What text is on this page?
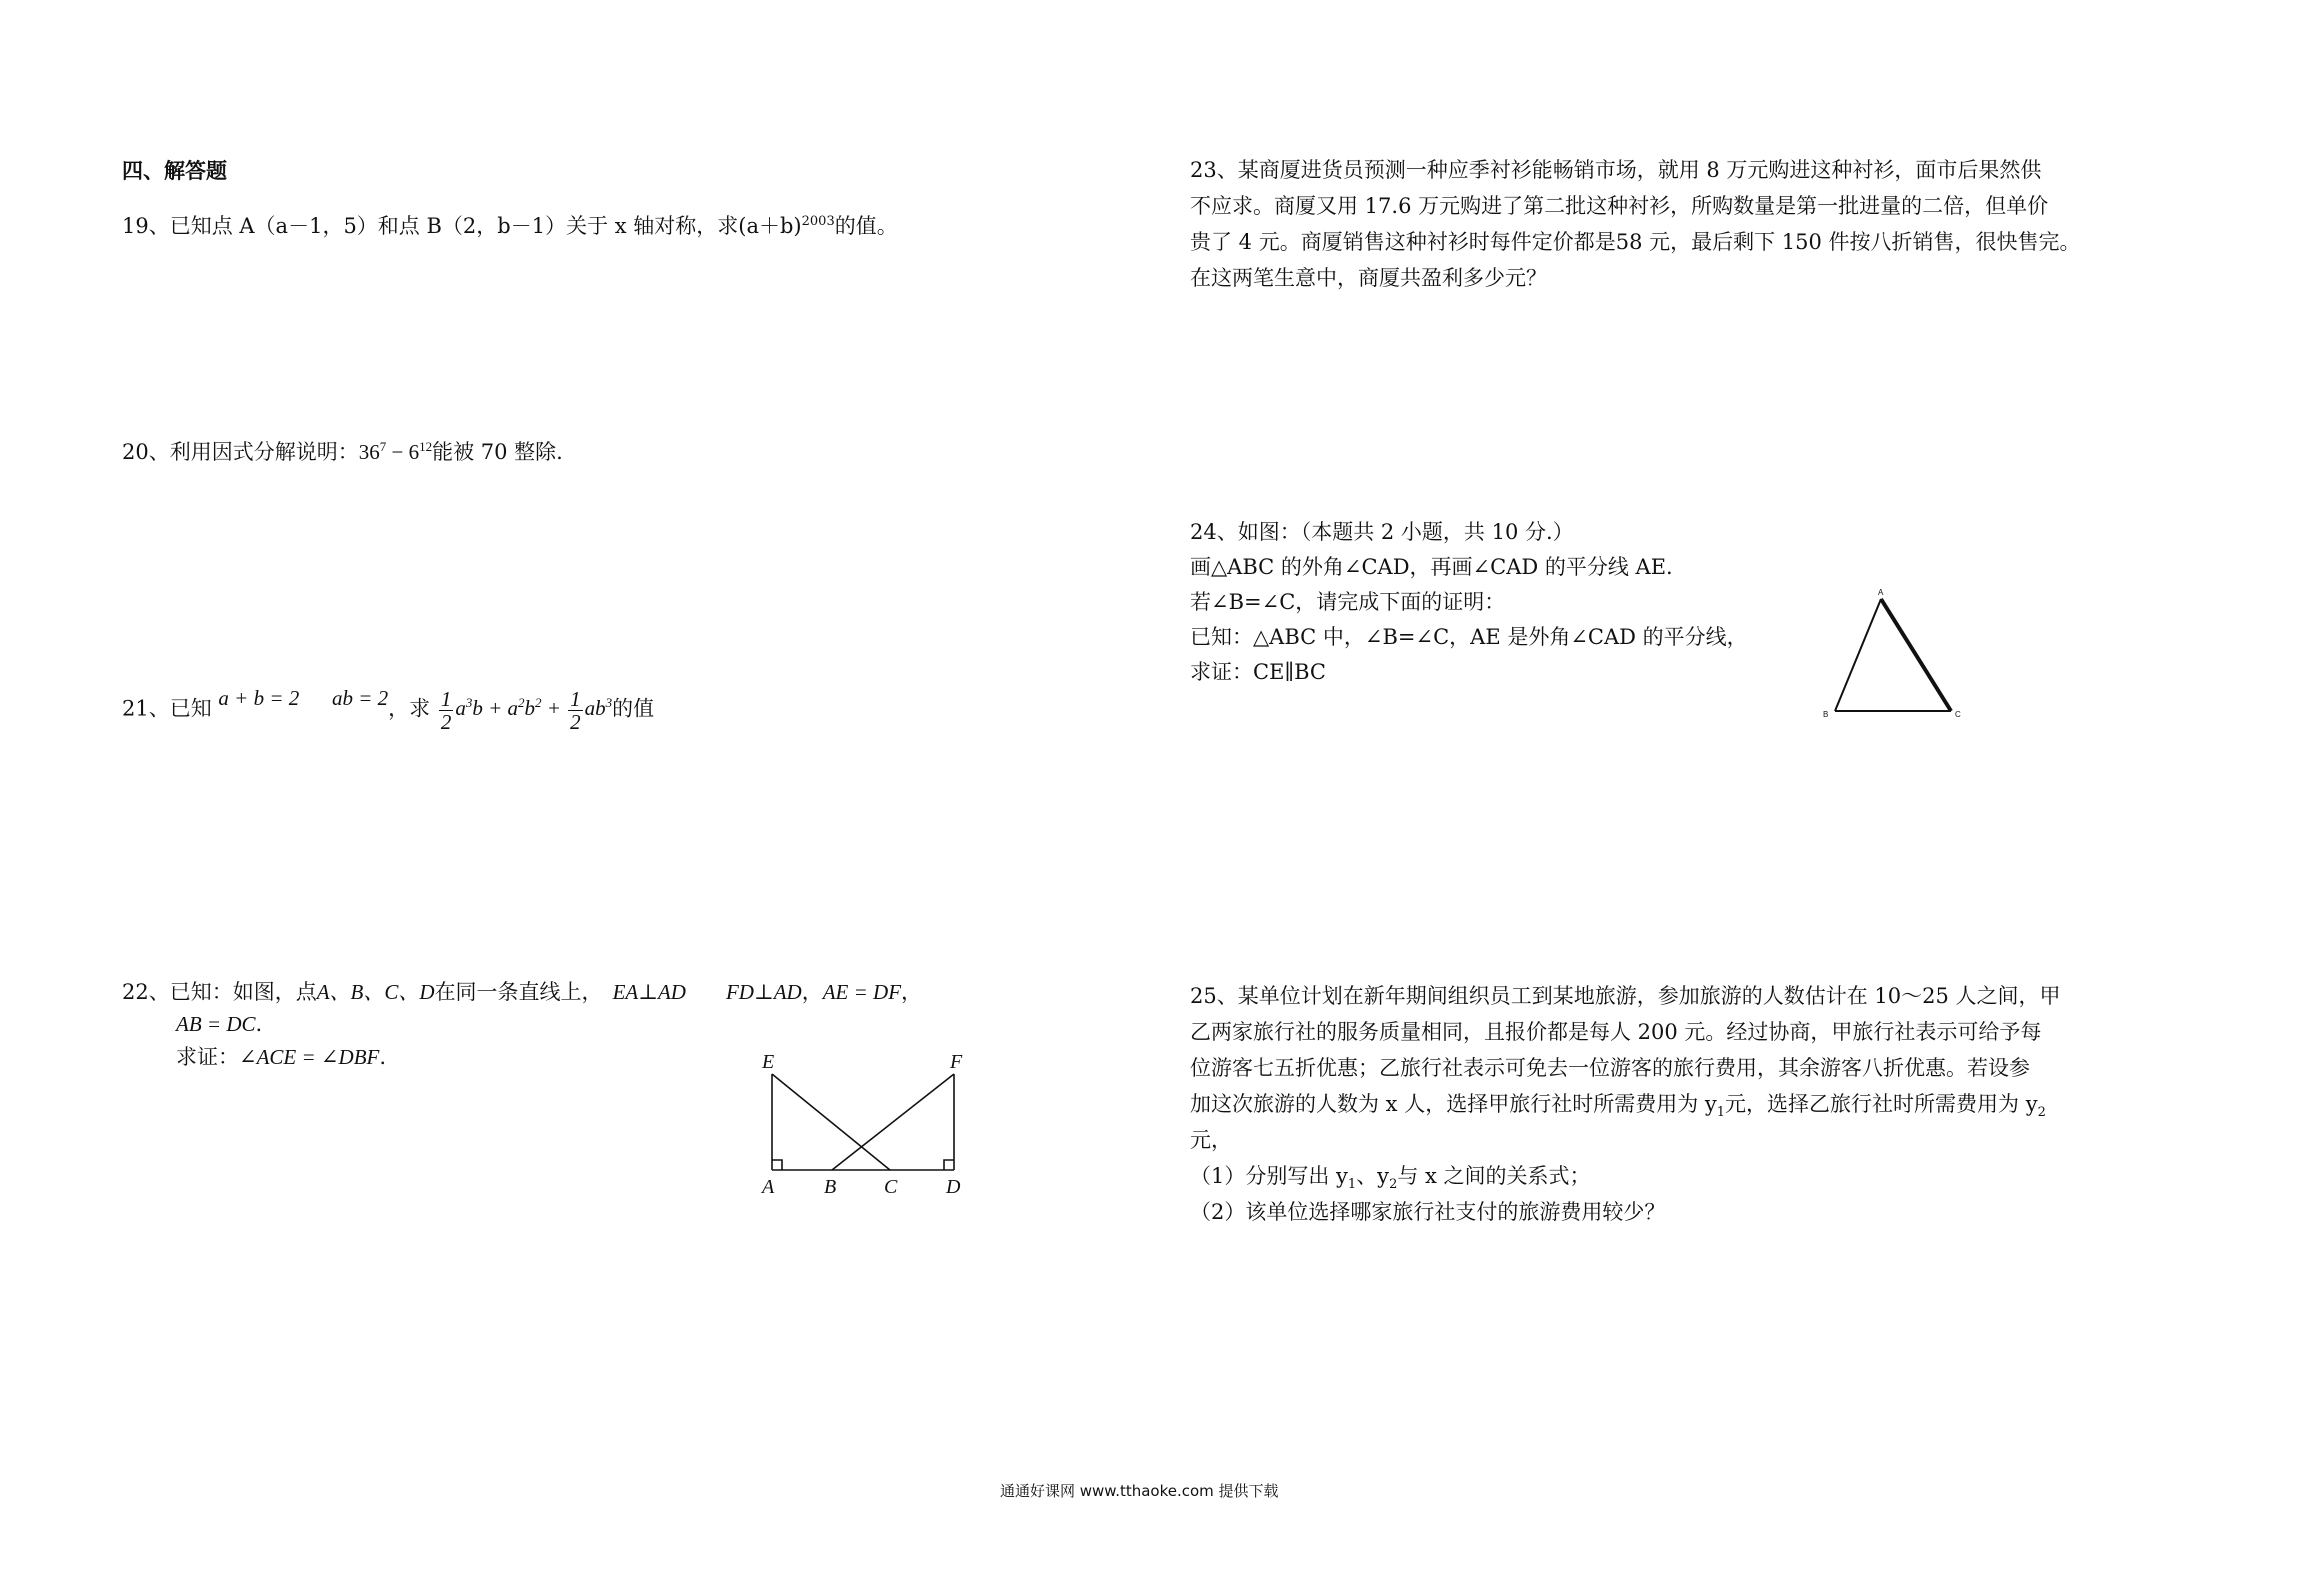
四、解答题
19、已知点 A（a－1，5）和点 B（2，b－1）关于 x 轴对称，求$(a+b)^{2003}$的值。
20、利用因式分解说明：$36^7 - 6^{12}$能被 70 整除.
21、已知 a + b = 2 ab = 2，求 $\frac{1}{2} a^3b + a^2b^2 + \frac{1}{2} ab^3$的值
22、已知：如图，点A、B、C、D在同一条直线上， EA⊥AD FD⊥AD，AE = DF，
AB = DC.
求证：∠ACE = ∠DBF.	E	F
A B C D
23、某商厦进货员预测一种应季衬衫能畅销市场，就用 8 万元购进这种衬衫，面市后果然供
不应求。商厦又用 17.6 万元购进了第二批这种衬衫，所购数量是第一批进量的二倍，但单价
贵了 4 元。商厦销售这种衬衫时每件定价都是58 元，最后剩下 150 件按八折销售，很快售完。
在这两笔生意中，商厦共盈利多少元？
24、如图：（本题共 2 小题，共 10 分.）
画△ABC 的外角∠CAD，再画∠CAD 的平分线 AE.
若∠B=∠C，请完成下面的证明：
已知：△ABC 中，∠B=∠C，AE 是外角∠CAD 的平分线，
求证：CE∥BC
A
B	C
25、某单位计划在新年期间组织员工到某地旅游，参加旅游的人数估计在 10～25 人之间，甲
乙两家旅行社的服务质量相同，且报价都是每人 200 元。经过协商，甲旅行社表示可给予每
位游客七五折优惠；乙旅行社表示可免去一位游客的旅行费用，其余游客八折优惠。若设参
加这次旅游的人数为 x 人，选择甲旅行社时所需费用为 $y_1$元，选择乙旅行社时所需费用为 $y_2$
元，
（1）分别写出 $y_1$、$y_2$与 x 之间的关系式；
（2）该单位选择哪家旅行社支付的旅游费用较少？
通通好课网 www.tthaoke.com 提供下载
